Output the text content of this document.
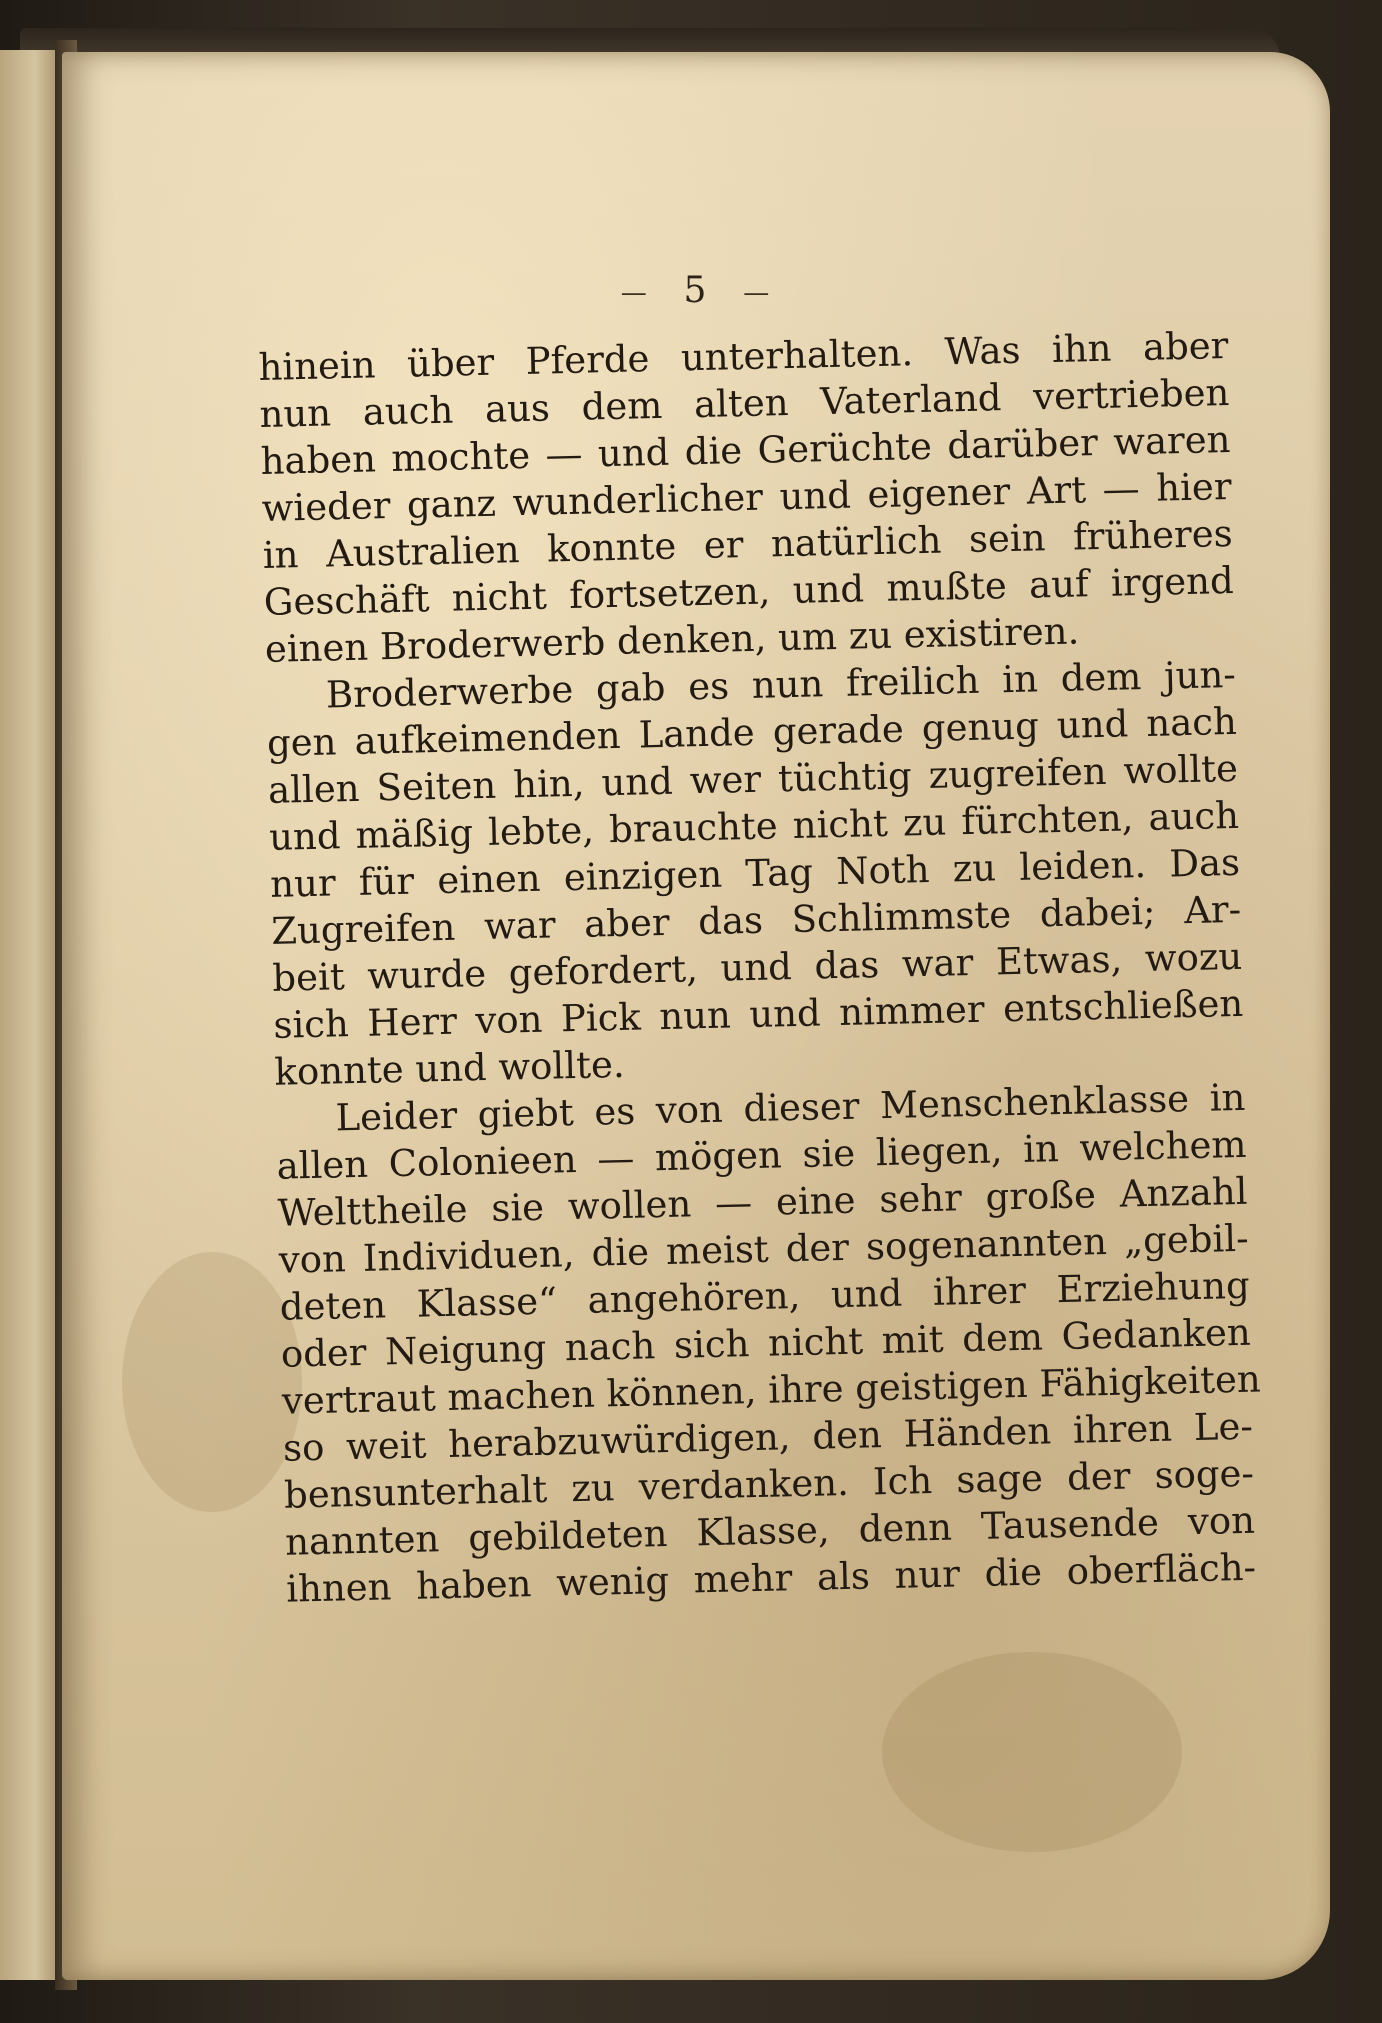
— 5 —
hinein über Pferde unterhalten. Was ihn aber
nun auch aus dem alten Vaterland vertrieben
haben mochte — und die Gerüchte darüber waren
wieder ganz wunderlicher und eigener Art — hier
in Australien konnte er natürlich sein früheres
Geschäft nicht fortsetzen, und mußte auf irgend
einen Broderwerb denken, um zu existiren.
Broderwerbe gab es nun freilich in dem jun-
gen aufkeimenden Lande gerade genug und nach
allen Seiten hin, und wer tüchtig zugreifen wollte
und mäßig lebte, brauchte nicht zu fürchten, auch
nur für einen einzigen Tag Noth zu leiden. Das
Zugreifen war aber das Schlimmste dabei; Ar-
beit wurde gefordert, und das war Etwas, wozu
sich Herr von Pick nun und nimmer entschließen
konnte und wollte.
Leider giebt es von dieser Menschenklasse in
allen Colonieen — mögen sie liegen, in welchem
Welttheile sie wollen — eine sehr große Anzahl
von Individuen, die meist der sogenannten „gebil-
deten Klasse“ angehören, und ihrer Erziehung
oder Neigung nach sich nicht mit dem Gedanken
vertraut machen können, ihre geistigen Fähigkeiten
so weit herabzuwürdigen, den Händen ihren Le-
bensunterhalt zu verdanken. Ich sage der soge-
nannten gebildeten Klasse, denn Tausende von
ihnen haben wenig mehr als nur die oberfläch-
